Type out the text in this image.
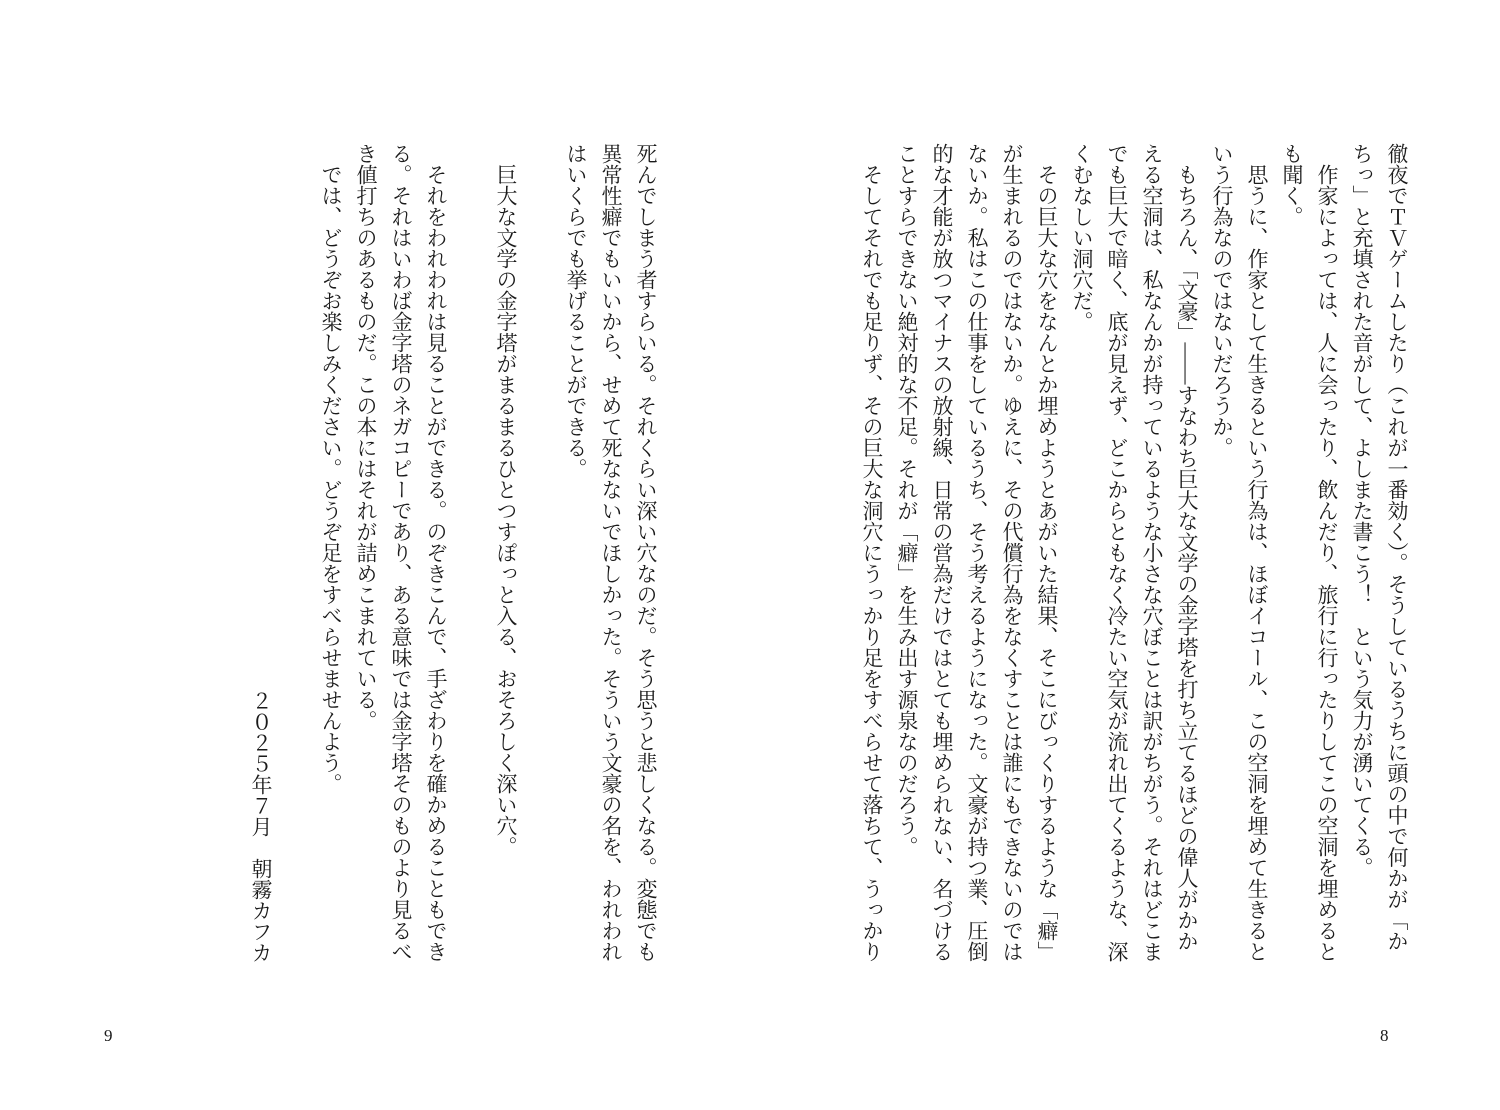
徹夜でＴＶゲームしたり（これが一番効く）。そうしているうちに頭の中で何かが「か
ちっ」と充填された音がして、よしまた書こう！　という気力が湧いてくる。
作家によっては、人に会ったり、飲んだり、旅行に行ったりしてこの空洞を埋めると
も聞く。
思うに、作家として生きるという行為は、ほぼイコール、この空洞を埋めて生きると
いう行為なのではないだろうか。
もちろん、「文豪」――すなわち巨大な文学の金字塔を打ち立てるほどの偉人がかか
える空洞は、私なんかが持っているような小さな穴ぼことは訳がちがう。それはどこま
でも巨大で暗く、底が見えず、どこからともなく冷たい空気が流れ出てくるような、深
くむなしい洞穴だ。
その巨大な穴をなんとか埋めようとあがいた結果、そこにびっくりするような「癖」
が生まれるのではないか。ゆえに、その代償行為をなくすことは誰にもできないのでは
ないか。私はこの仕事をしているうち、そう考えるようになった。文豪が持つ業、圧倒
的な才能が放つマイナスの放射線、日常の営為だけではとても埋められない、名づける
ことすらできない絶対的な不足。それが「癖」を生み出す源泉なのだろう。
そしてそれでも足りず、その巨大な洞穴にうっかり足をすべらせて落ちて、うっかり
8
死んでしまう者すらいる。それくらい深い穴なのだ。そう思うと悲しくなる。変態でも
異常性癖でもいいから、せめて死なないでほしかった。そういう文豪の名を、われわれ
はいくらでも挙げることができる。
巨大な文学の金字塔がまるまるひとつすぽっと入る、おそろしく深い穴。
それをわれわれは見ることができる。のぞきこんで、手ざわりを確かめることもでき
る。それはいわば金字塔のネガコピーであり、ある意味では金字塔そのものより見るべ
き値打ちのあるものだ。この本にはそれが詰めこまれている。
では、どうぞお楽しみください。どうぞ足をすべらせませんよう。
２０２５年７月　朝霧カフカ
9
